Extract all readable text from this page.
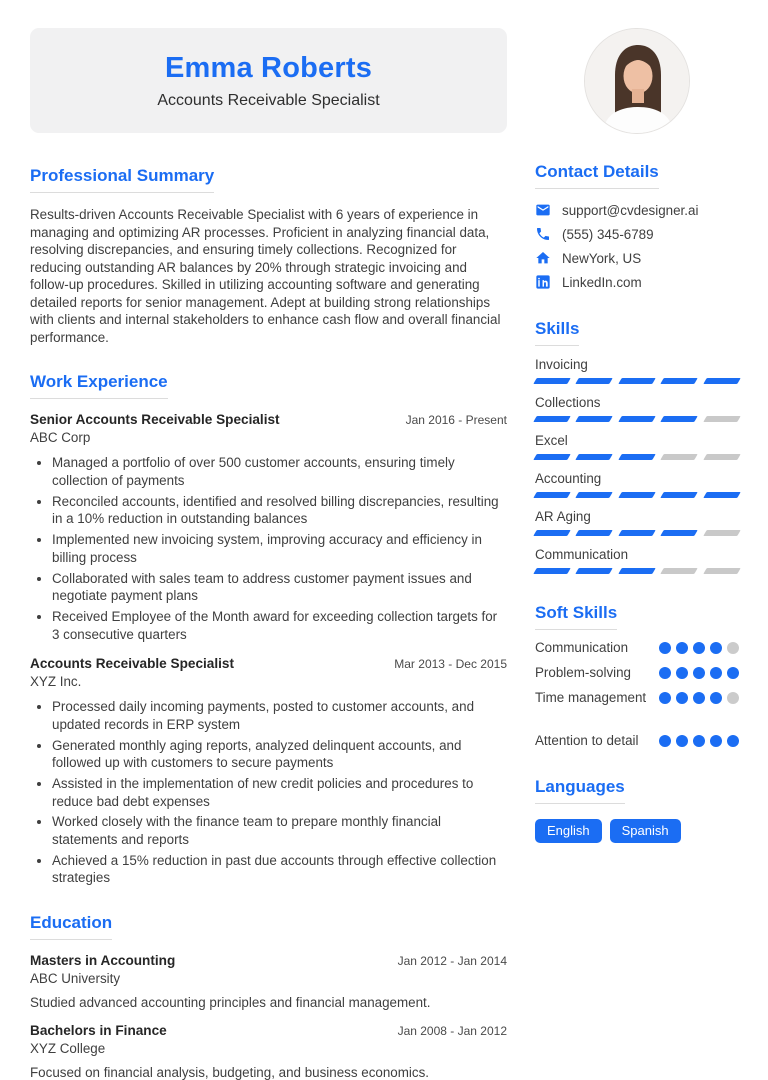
Emma Roberts
Accounts Receivable Specialist
Professional Summary

Results-driven Accounts Receivable Specialist with 6 years of experience in managing and optimizing AR processes. Proficient in analyzing financial data, resolving discrepancies, and ensuring timely collections. Recognized for reducing outstanding AR balances by 20% through strategic invoicing and follow-up procedures. Skilled in utilizing accounting software and generating detailed reports for senior management. Adept at building strong relationships with clients and internal stakeholders to enhance cash flow and overall financial performance.

Work Experience
Senior Accounts Receivable Specialist	Jan 2016 - Present
ABC Corp
• Managed a portfolio of over 500 customer accounts, ensuring timely collection of payments
• Reconciled accounts, identified and resolved billing discrepancies, resulting in a 10% reduction in outstanding balances
• Implemented new invoicing system, improving accuracy and efficiency in billing process
• Collaborated with sales team to address customer payment issues and negotiate payment plans
• Received Employee of the Month award for exceeding collection targets for 3 consecutive quarters
Accounts Receivable Specialist	Mar 2013 - Dec 2015
XYZ Inc.
• Processed daily incoming payments, posted to customer accounts, and updated records in ERP system
• Generated monthly aging reports, analyzed delinquent accounts, and followed up with customers to secure payments
• Assisted in the implementation of new credit policies and procedures to reduce bad debt expenses
• Worked closely with the finance team to prepare monthly financial statements and reports
• Achieved a 15% reduction in past due accounts through effective collection strategies
Education
Masters in Accounting	Jan 2012 - Jan 2014
ABC University
Studied advanced accounting principles and financial management.
Bachelors in Finance	Jan 2008 - Jan 2012
XYZ College
Focused on financial analysis, budgeting, and business economics.
Contact Details
support@cvdesigner.ai
(555) 345-6789
NewYork, US
LinkedIn.com
Skills
Invoicing
Collections
Excel
Accounting
AR Aging
Communication
Soft Skills
Communication
Problem-solving
Time management
Attention to detail
Languages
English	Spanish
